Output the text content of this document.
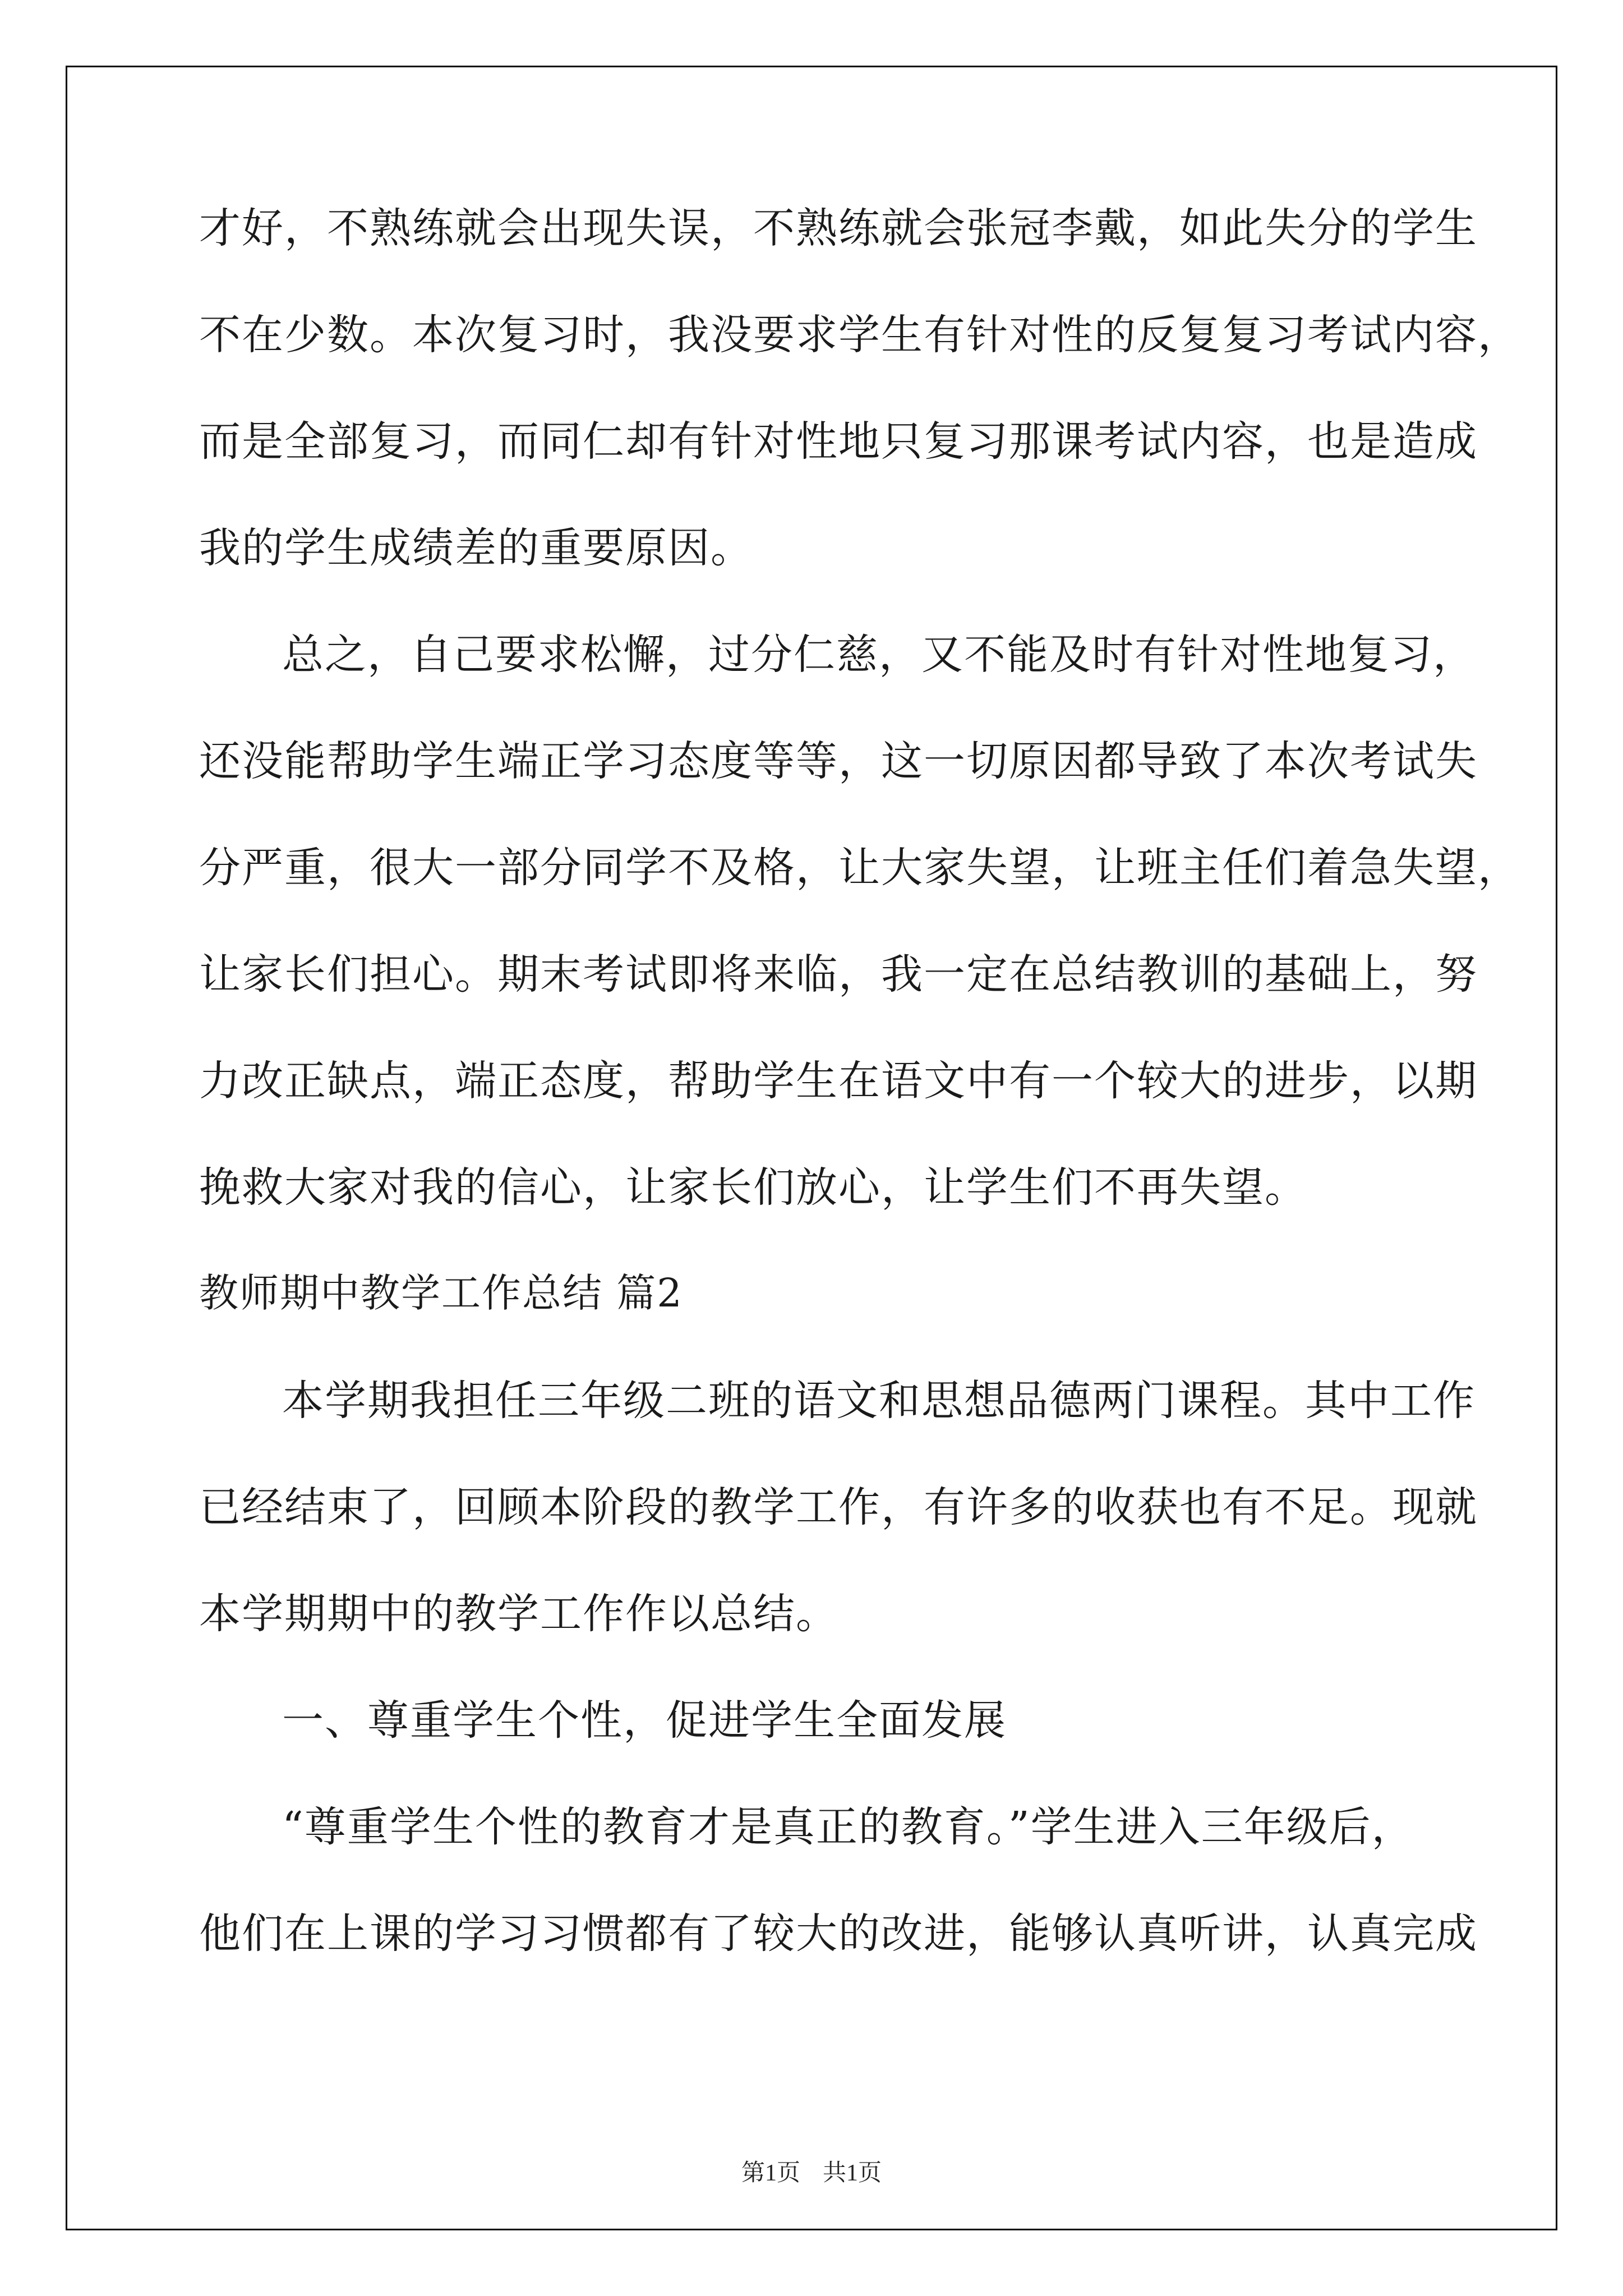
才好，不熟练就会出现失误，不熟练就会张冠李戴，如此失分的学生
不在少数。本次复习时，我没要求学生有针对性的反复复习考试内容，
而是全部复习，而同仁却有针对性地只复习那课考试内容，也是造成
我的学生成绩差的重要原因。
总之，自己要求松懈，过分仁慈，又不能及时有针对性地复习，
还没能帮助学生端正学习态度等等，这一切原因都导致了本次考试失
分严重，很大一部分同学不及格，让大家失望，让班主任们着急失望，
让家长们担心。期末考试即将来临，我一定在总结教训的基础上，努
力改正缺点，端正态度，帮助学生在语文中有一个较大的进步，以期
挽救大家对我的信心，让家长们放心，让学生们不再失望。
教师期中教学工作总结 篇2
本学期我担任三年级二班的语文和思想品德两门课程。其中工作
已经结束了，回顾本阶段的教学工作，有许多的收获也有不足。现就
本学期期中的教学工作作以总结。
一、尊重学生个性，促进学生全面发展
“尊重学生个性的教育才是真正的教育。”学生进入三年级后，
他们在上课的学习习惯都有了较大的改进，能够认真听讲，认真完成
第1页 共1页
